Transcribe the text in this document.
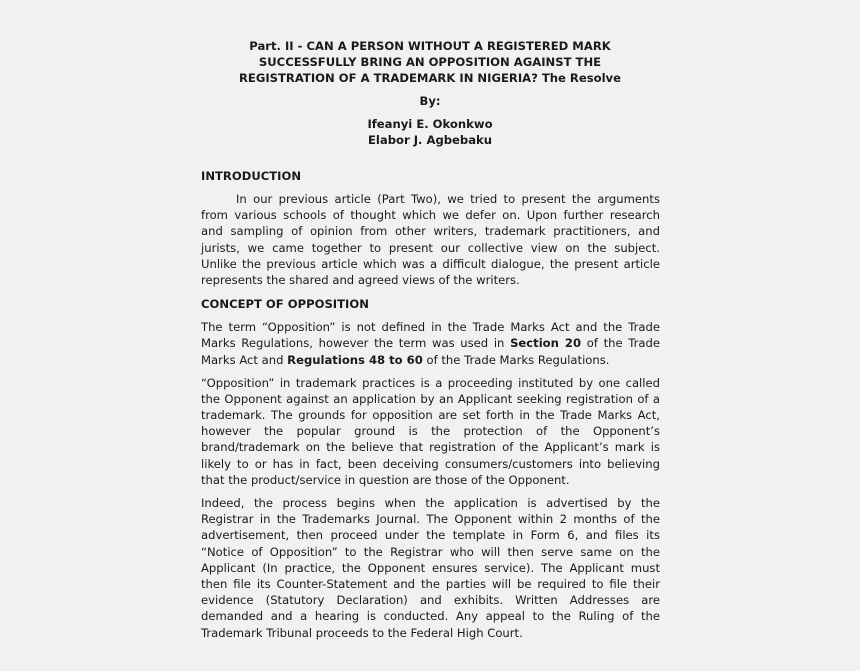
Part. II - CAN A PERSON WITHOUT A REGISTERED MARK
SUCCESSFULLY BRING AN OPPOSITION AGAINST THE
REGISTRATION OF A TRADEMARK IN NIGERIA? The Resolve
By:
Ifeanyi E. Okonkwo
Elabor J. Agbebaku

INTRODUCTION

In our previous article (Part Two), we tried to present the arguments
from various schools of thought which we defer on. Upon further research
and sampling of opinion from other writers, trademark practitioners, and
jurists, we came together to present our collective view on the subject.
Unlike the previous article which was a difficult dialogue, the present article
represents the shared and agreed views of the writers.

CONCEPT OF OPPOSITION

The term “Opposition” is not defined in the Trade Marks Act and the Trade
Marks Regulations, however the term was used in Section 20 of the Trade
Marks Act and Regulations 48 to 60 of the Trade Marks Regulations.
“Opposition” in trademark practices is a proceeding instituted by one called
the Opponent against an application by an Applicant seeking registration of a
trademark. The grounds for opposition are set forth in the Trade Marks Act,
however the popular ground is the protection of the Opponent’s
brand/trademark on the believe that registration of the Applicant’s mark is
likely to or has in fact, been deceiving consumers/customers into believing
that the product/service in question are those of the Opponent.
Indeed, the process begins when the application is advertised by the
Registrar in the Trademarks Journal. The Opponent within 2 months of the
advertisement, then proceed under the template in Form 6, and files its
“Notice of Opposition” to the Registrar who will then serve same on the
Applicant (In practice, the Opponent ensures service). The Applicant must
then file its Counter-Statement and the parties will be required to file their
evidence (Statutory Declaration) and exhibits. Written Addresses are
demanded and a hearing is conducted. Any appeal to the Ruling of the
Trademark Tribunal proceeds to the Federal High Court.
